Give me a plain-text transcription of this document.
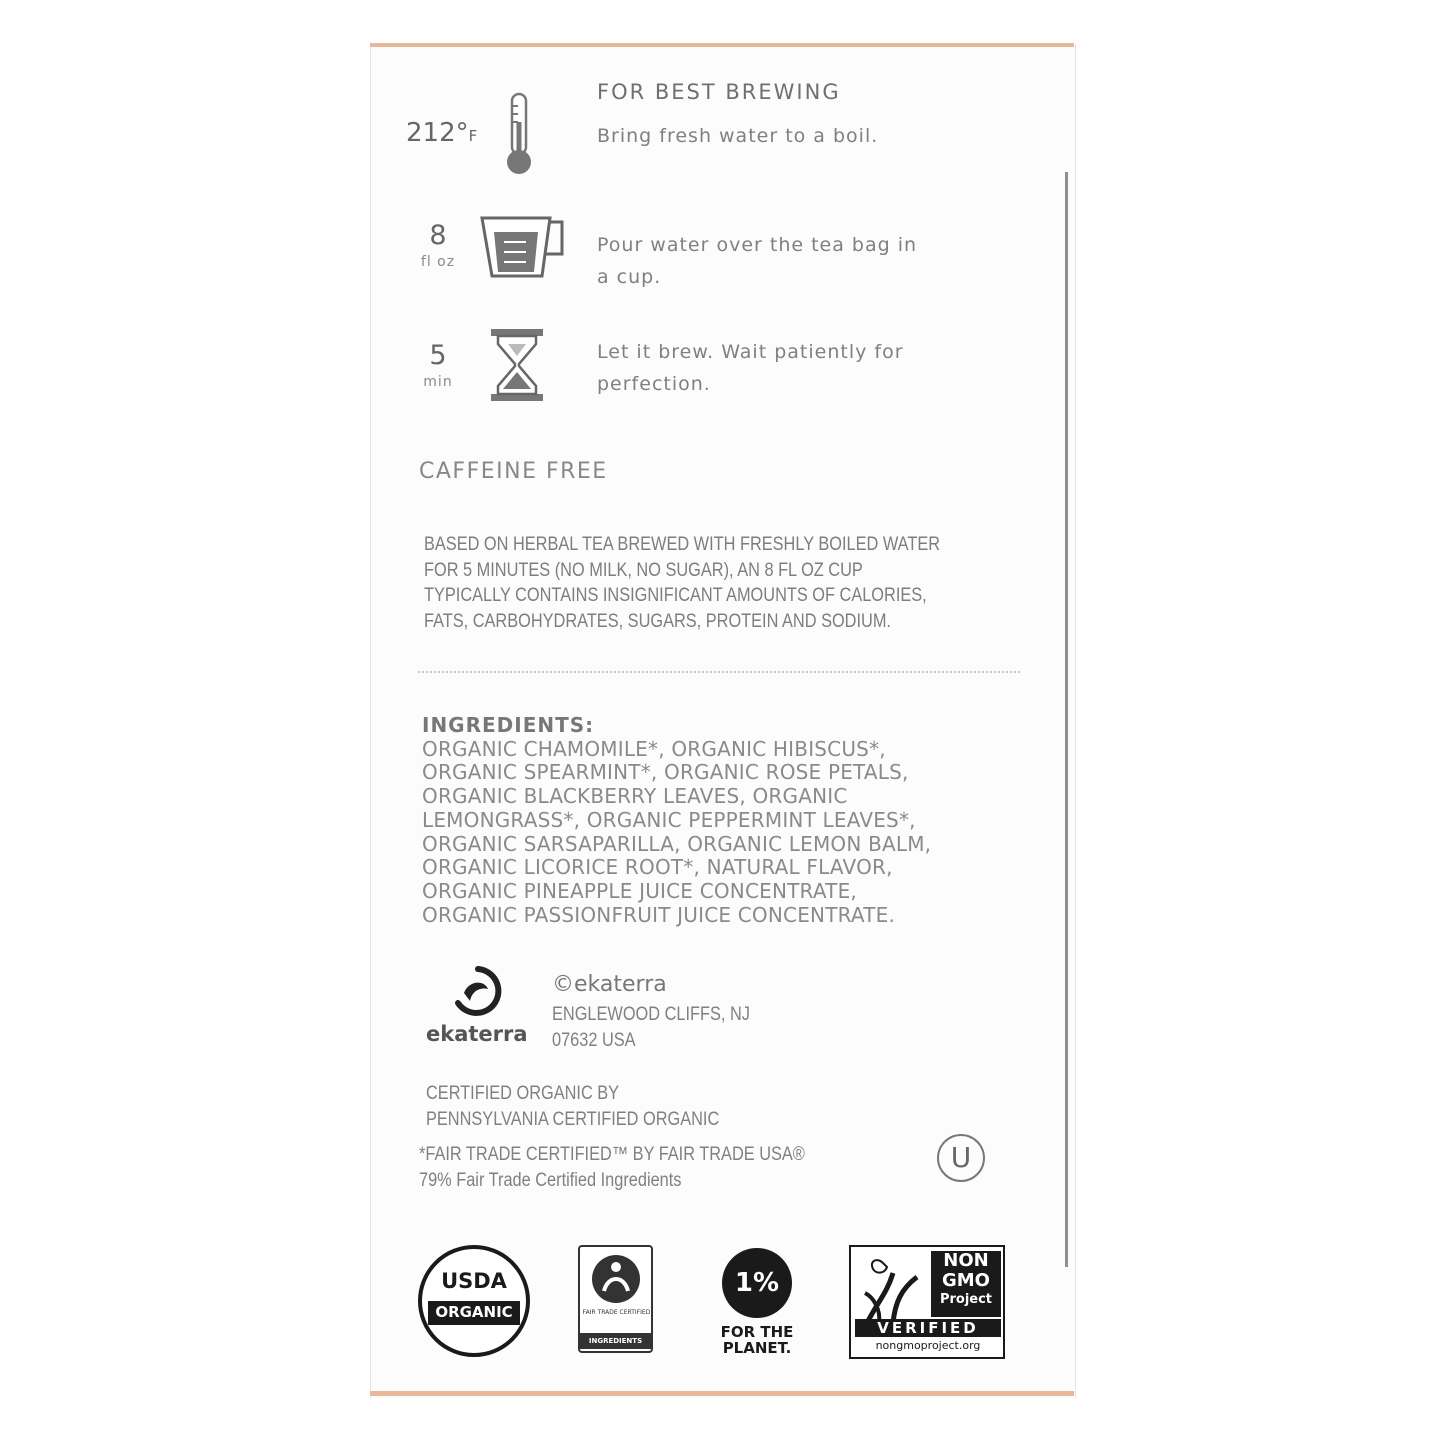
FOR BEST BREWING
212°F	Bring fresh water to a boil.
8
fl oz
Pour water over the tea bag in
a cup.
5
min
Let it brew. Wait patiently for
perfection.
CAFFEINE FREE
BASED ON HERBAL TEA BREWED WITH FRESHLY BOILED WATER
FOR 5 MINUTES (NO MILK, NO SUGAR), AN 8 FL OZ CUP
TYPICALLY CONTAINS INSIGNIFICANT AMOUNTS OF CALORIES,
FATS, CARBOHYDRATES, SUGARS, PROTEIN AND SODIUM.
INGREDIENTS:
ORGANIC CHAMOMILE*, ORGANIC HIBISCUS*,
ORGANIC SPEARMINT*, ORGANIC ROSE PETALS,
ORGANIC BLACKBERRY LEAVES, ORGANIC
LEMONGRASS*, ORGANIC PEPPERMINT LEAVES*,
ORGANIC SARSAPARILLA, ORGANIC LEMON BALM,
ORGANIC LICORICE ROOT*, NATURAL FLAVOR,
ORGANIC PINEAPPLE JUICE CONCENTRATE,
ORGANIC PASSIONFRUIT JUICE CONCENTRATE.
ekaterra
©ekaterra
ENGLEWOOD CLIFFS, NJ
07632 USA
CERTIFIED ORGANIC BY
PENNSYLVANIA CERTIFIED ORGANIC
*FAIR TRADE CERTIFIED™ BY FAIR TRADE USA®
79% Fair Trade Certified Ingredients
U
USDA
ORGANIC	FAIR TRADE CERTIFIED
INGREDIENTS
1%
FOR THE
PLANET.
NON
GMO
Project
VERIFIED
nongmoproject.org
